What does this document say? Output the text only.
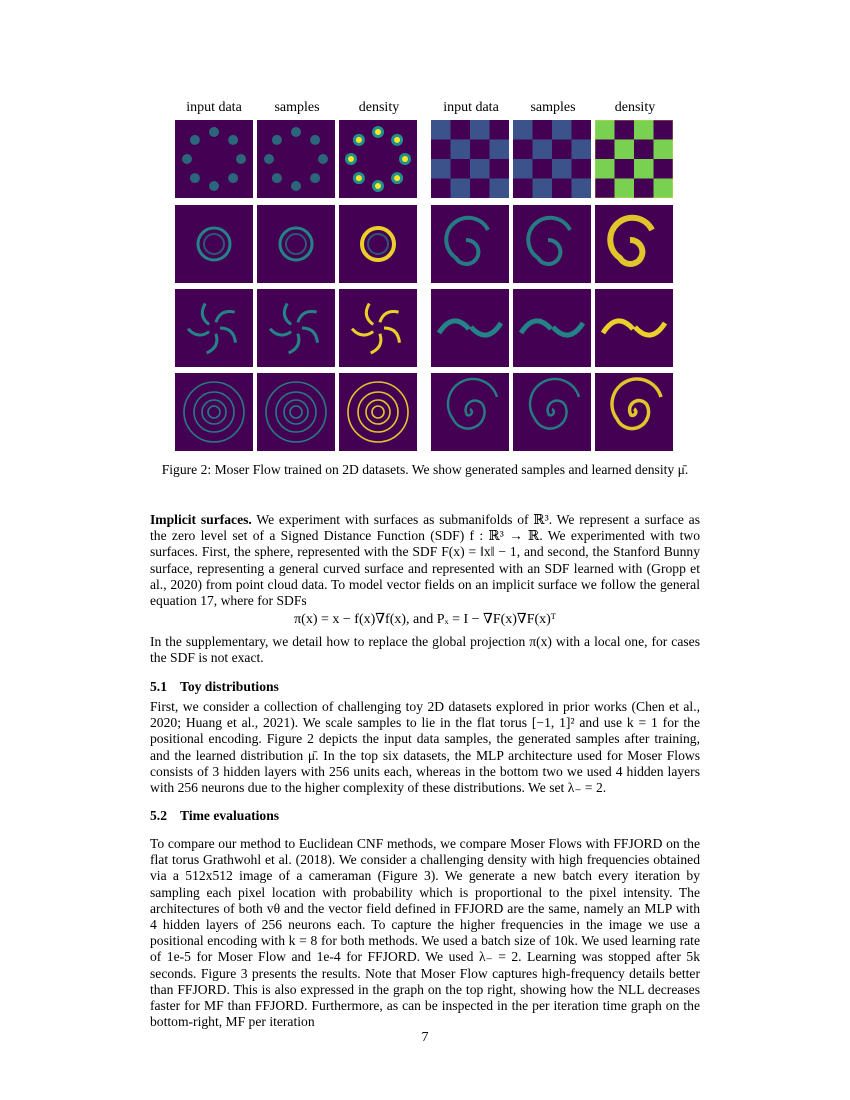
input data	samples	density	input data	samples	density
Figure 2: Moser Flow trained on 2D datasets. We show generated samples and learned density μ̄.
Implicit surfaces. We experiment with surfaces as submanifolds of ℝ³. We represent a surface as the zero level set of a Signed Distance Function (SDF) f : ℝ³ → ℝ. We experimented with two surfaces. First, the sphere, represented with the SDF F(x) = ‖x‖ − 1, and second, the Stanford Bunny surface, representing a general curved surface and represented with an SDF learned with (Gropp et al., 2020) from point cloud data. To model vector fields on an implicit surface we follow the general equation 17, where for SDFs
π(x) = x − f(x)∇f(x), and Pₓ = I − ∇F(x)∇F(x)ᵀ
In the supplementary, we detail how to replace the global projection π(x) with a local one, for cases the SDF is not exact.
5.1 Toy distributions
First, we consider a collection of challenging toy 2D datasets explored in prior works (Chen et al., 2020; Huang et al., 2021). We scale samples to lie in the flat torus [−1, 1]² and use k = 1 for the positional encoding. Figure 2 depicts the input data samples, the generated samples after training, and the learned distribution μ̄. In the top six datasets, the MLP architecture used for Moser Flows consists of 3 hidden layers with 256 units each, whereas in the bottom two we used 4 hidden layers with 256 neurons due to the higher complexity of these distributions. We set λ₋ = 2.
5.2 Time evaluations
To compare our method to Euclidean CNF methods, we compare Moser Flows with FFJORD on the flat torus Grathwohl et al. (2018). We consider a challenging density with high frequencies obtained via a 512x512 image of a cameraman (Figure 3). We generate a new batch every iteration by sampling each pixel location with probability which is proportional to the pixel intensity. The architectures of both vθ and the vector field defined in FFJORD are the same, namely an MLP with 4 hidden layers of 256 neurons each. To capture the higher frequencies in the image we use a positional encoding with k = 8 for both methods. We used a batch size of 10k. We used learning rate of 1e-5 for Moser Flow and 1e-4 for FFJORD. We used λ₋ = 2. Learning was stopped after 5k seconds. Figure 3 presents the results. Note that Moser Flow captures high-frequency details better than FFJORD. This is also expressed in the graph on the top right, showing how the NLL decreases faster for MF than FFJORD. Furthermore, as can be inspected in the per iteration time graph on the bottom-right, MF per iteration
7
